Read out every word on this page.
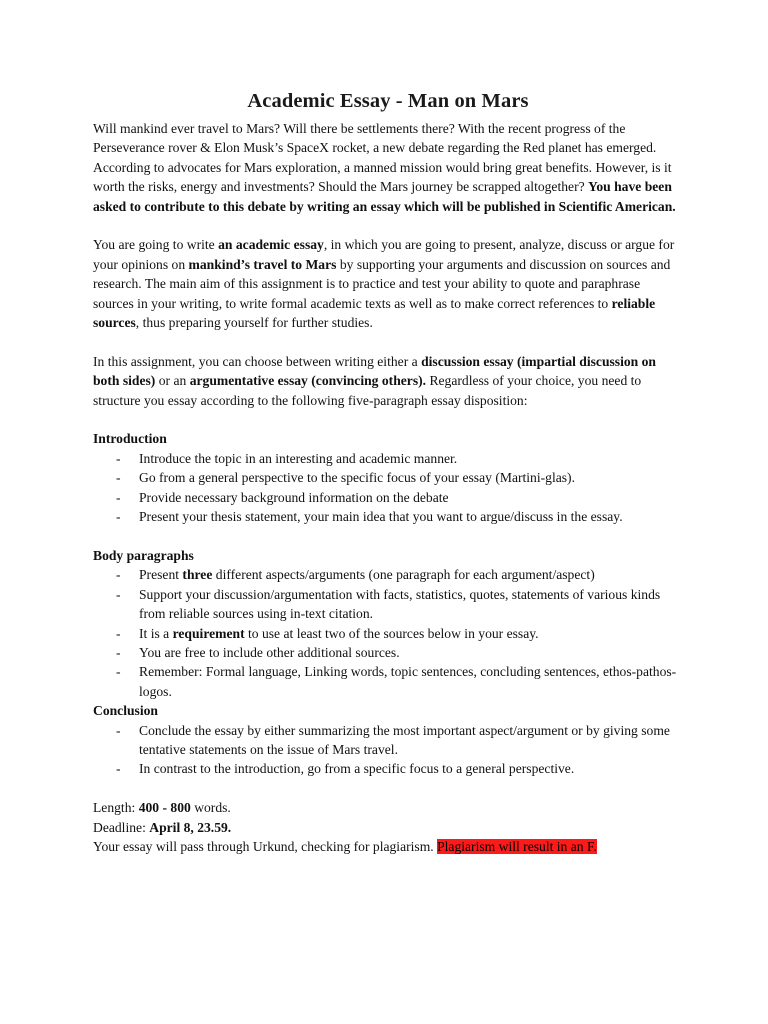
Academic Essay - Man on Mars

Will mankind ever travel to Mars? Will there be settlements there? With the recent progress of the Perseverance rover & Elon Musk’s SpaceX rocket, a new debate regarding the Red planet has emerged. According to advocates for Mars exploration, a manned mission would bring great benefits. However, is it worth the risks, energy and investments? Should the Mars journey be scrapped altogether? You have been asked to contribute to this debate by writing an essay which will be published in Scientific American.

You are going to write an academic essay, in which you are going to present, analyze, discuss or argue for your opinions on mankind’s travel to Mars by supporting your arguments and discussion on sources and research. The main aim of this assignment is to practice and test your ability to quote and paraphrase sources in your writing, to write formal academic texts as well as to make correct references to reliable sources, thus preparing yourself for further studies.

In this assignment, you can choose between writing either a discussion essay (impartial discussion on both sides) or an argumentative essay (convincing others). Regardless of your choice, you need to structure you essay according to the following five-paragraph essay disposition:

Introduction

- Introduce the topic in an interesting and academic manner.
- Go from a general perspective to the specific focus of your essay (Martini-glas).
- Provide necessary background information on the debate
- Present your thesis statement, your main idea that you want to argue/discuss in the essay.

Body paragraphs

- Present three different aspects/arguments (one paragraph for each argument/aspect)
- Support your discussion/argumentation with facts, statistics, quotes, statements of various kinds from reliable sources using in-text citation.
- It is a requirement to use at least two of the sources below in your essay.
- You are free to include other additional sources.
- Remember: Formal language, Linking words, topic sentences, concluding sentences, ethos-pathos-logos.

Conclusion

- Conclude the essay by either summarizing the most important aspect/argument or by giving some tentative statements on the issue of Mars travel.
- In contrast to the introduction, go from a specific focus to a general perspective.

Length: 400 - 800 words.

Deadline: April 8, 23.59.

Your essay will pass through Urkund, checking for plagiarism. Plagiarism will result in an F.
